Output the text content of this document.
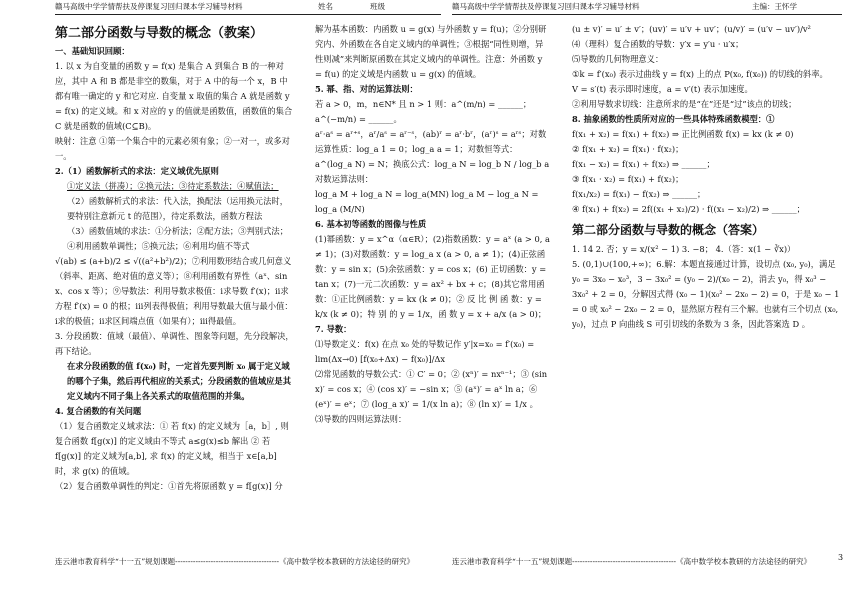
赣马高级中学学情帮扶及停课复习回归课本学习辅导材料	姓名	班级	赣马高级中学学情帮扶及停课复习回归课本学习辅导材料	主编：王怀学
第二部分函数与导数的概念（教案）

一、基础知识回顾：

1. 以 x 为自变量的函数 y = f(x) 是集合 A 到集合 B 的一种对应，其中 A 和 B 都是非空的数集，对于 A 中的每一个 x，B 中都有唯一确定的 y 和它对应. 自变量 x 取值的集合 A 就是函数 y = f(x) 的定义域。和 x 对应的 y 的值就是函数值，函数值的集合 C 就是函数的值域(C⊆B)。

映射：注意 ①第一个集合中的元素必须有象；②一对一，或多对一。

2.（1）函数解析式的求法：定义域优先原则

①定义法（拼凑）；②换元法；③待定系数法；④赋值法；

（2）函数解析式的求法：代入法，换配法（运用换元法时，要特别注意新元 t 的范围），待定系数法，函数方程法

（3）函数值域的求法：①分析法；②配方法；③判别式法；④利用函数单调性；⑤换元法；⑥利用均值不等式

√(ab) ≤ (a+b)/2 ≤ √((a²+b²)/2)；⑦利用数形结合或几何意义（斜率、距离、绝对值的意义等）；⑧利用函数有界性（aˣ、sin x、cos x 等）；⑨导数法：利用导数求极值：ⅰ求导数 f′(x)；ⅱ求方程 f′(x) = 0 的根；ⅲ列表得极值；利用导数最大值与最小值：ⅰ求的极值；ⅱ求区间端点值（如果有）；ⅲ得最值。

3. 分段函数：值域（最值）、单调性、图象等问题，先分段解决，再下结论。

在求分段函数的值 f(x₀) 时，一定首先要判断 x₀ 属于定义域的哪个子集，然后再代相应的关系式；分段函数的值域应是其定义域内不同子集上各关系式的取值范围的并集。

4. 复合函数的有关问题

（1）复合函数定义域求法：① 若 f(x) 的定义域为［a，b］, 则复合函数 f[g(x)] 的定义域由不等式 a≤g(x)≤b 解出 ② 若 f[g(x)] 的定义域为[a,b], 求 f(x) 的定义域，相当于 x∈[a,b] 时，求 g(x) 的值域。

（2）复合函数单调性的判定：①首先将原函数 y = f[g(x)] 分

解为基本函数：内函数 u = g(x) 与外函数 y = f(u)；②分别研究内、外函数在各自定义域内的单调性；③根据“同性则增，异性则减”来判断原函数在其定义域内的单调性。注意：外函数 y = f(u) 的定义域是内函数 u = g(x) 的值域。

5. 幂、指、对的运算法则：

若 a > 0，m，n∈N* 且 n > 1 则：a^(m/n) = ______；a^(−m/n) = ______。

aʳ·aˢ = aʳ⁺ˢ，aʳ/aˢ = aʳ⁻ˢ，(ab)ʳ = aʳ·bʳ，(aʳ)ˢ = aʳˢ；对数运算性质：log_a 1 = 0；log_a a = 1；对数恒等式：a^(log_a N) = N；换底公式：log_a N = log_b N / log_b a 对数运算法则：

log_a M + log_a N = log_a(MN) log_a M − log_a N = log_a (M/N)

6. 基本初等函数的图像与性质

(1)幂函数：y = x^α（α∈R）；(2)指数函数：y = aˣ (a > 0, a ≠ 1)；(3)对数函数：y = log_a x (a > 0, a ≠ 1)；(4)正弦函数：y = sin x；(5)余弦函数：y = cos x；(6) 正切函数：y = tan x；(7)一元二次函数：y = ax² + bx + c；(8)其它常用函数：①正比例函数：y = kx (k ≠ 0)；② 反 比 例 函 数：y = k/x (k ≠ 0)；特 别 的 y = 1/x，函 数 y = x + a/x (a > 0)；

7. 导数：

⑴导数定义：f(x) 在点 x₀ 处的导数记作 y′|x=x₀ = f′(x₀) = lim(Δx→0) [f(x₀+Δx) − f(x₀)]/Δx

⑵常见函数的导数公式：① C′ = 0；② (xⁿ)′ = nxⁿ⁻¹；③ (sin x)′ = cos x；④ (cos x)′ = −sin x；⑤ (aˣ)′ = aˣ ln a；⑥ (eˣ)′ = eˣ；⑦ (log_a x)′ = 1/(x ln a)；⑧ (ln x)′ = 1/x 。

⑶导数的四则运算法则：

(u ± v)′ = u′ ± v′；(uv)′ = u′v + uv′；(u/v)′ = (u′v − uv′)/v²

⑷（理科）复合函数的导数：y′x = y′u · u′x；

⑸导数的几何物理意义：

①k = f′(x₀) 表示过曲线 y = f(x) 上的点 P(x₀, f(x₀)) 的切线的斜率。

V = s′(t) 表示即时速度，a = v′(t) 表示加速度。

②利用导数求切线：注意所求的是“在”还是“过”该点的切线；

8. 抽象函数的性质所对应的一些具体特殊函数模型：①

f(x₁ + x₂) = f(x₁) + f(x₂) ⇒ 正比例函数 f(x) = kx (k ≠ 0)

② f(x₁ + x₂) = f(x₁) · f(x₂)；

f(x₁ − x₂) = f(x₁) ÷ f(x₂) ⇒ ______；

③ f(x₁ · x₂) = f(x₁) + f(x₂)；

f(x₁/x₂) = f(x₁) − f(x₂) ⇒ ______；

④ f(x₁) + f(x₂) = 2f((x₁ + x₂)/2) · f((x₁ − x₂)/2) ⇒ ______；

第二部分函数与导数的概念（答案）

1. 14 2. 否；y = x/(x² − 1) 3. −8； 4.（答：x(1 − ∛x)）

5. (0,1)∪(100,+∞)；6.解：本题直接通过计算，设切点 (x₀, y₀)，满足 y₀ = 3x₀ − x₀³，3 − 3x₀² = (y₀ − 2)/(x₀ − 2)，消去 y₀，得 x₀³ − 3x₀² + 2 = 0，分解因式得 (x₀ − 1)(x₀² − 2x₀ − 2) = 0，于是 x₀ − 1 = 0 或 x₀² − 2x₀ − 2 = 0，显然原方程有三个解。也就有三个切点 (x₀, y₀)，过点 P 向曲线 S 可引切线的条数为 3 条，因此答案选 D 。

连云港市教育科学“十一五”规划课题-----------------------------------------《高中数学校本教研的方法途径的研究》	连云港市教育科学“十一五”规划课题-----------------------------------------《高中数学校本教研的方法途径的研究》	3
